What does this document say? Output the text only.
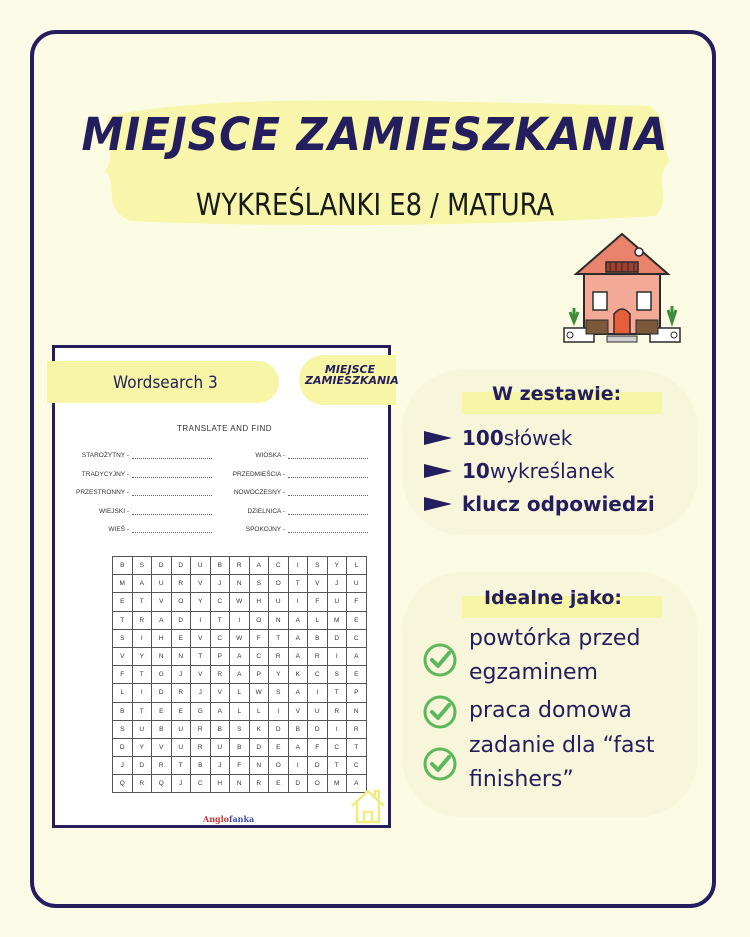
MIEJSCE ZAMIESZKANIA
WYKREŚLANKI E8 / MATURA
Wordsearch 3
MIEJSCE
ZAMIESZKANIA
TRANSLATE AND FIND
STAROŻYTNY -	WIOSKA -
TRADYCYJNY -	PRZEDMIEŚCIA -
PRZESTRONNY -	NOWOCZESNY -
WIEJSKI -	DZIELNICA -
WIEŚ -	SPOKOJNY -
B	S	D	D	U	B	R	A	C	I	S	Y	L
M	A	U	R	V	J	N	S	O	T	V	J	U
E	T	V	O	Y	C	W	H	U	I	F	U	F
T	R	A	D	I	T	I	O	N	A	L	M	E
S	I	H	E	V	C	W	F	T	A	B	D	C
V	Y	N	N	T	P	A	C	R	A	R	I	A
F	T	G	J	V	R	A	P	Y	K	C	S	E
L	I	D	R	J	V	L	W	S	A	I	T	P
B	T	E	E	G	A	L	L	I	V	U	R	N
S	U	B	U	R	B	S	K	D	B	D	I	R
D	Y	V	U	R	U	B	D	E	A	F	C	T
J	D	R	T	B	J	F	N	O	I	D	T	C
Q	R	Q	J	C	H	N	R	E	D	O	M	A
Anglofanka
W zestawie:
100 słówek
10 wykreślanek
klucz odpowiedzi
Idealne jako:
powtórka przed
egzaminem
praca domowa
zadanie dla “fast
finishers”
